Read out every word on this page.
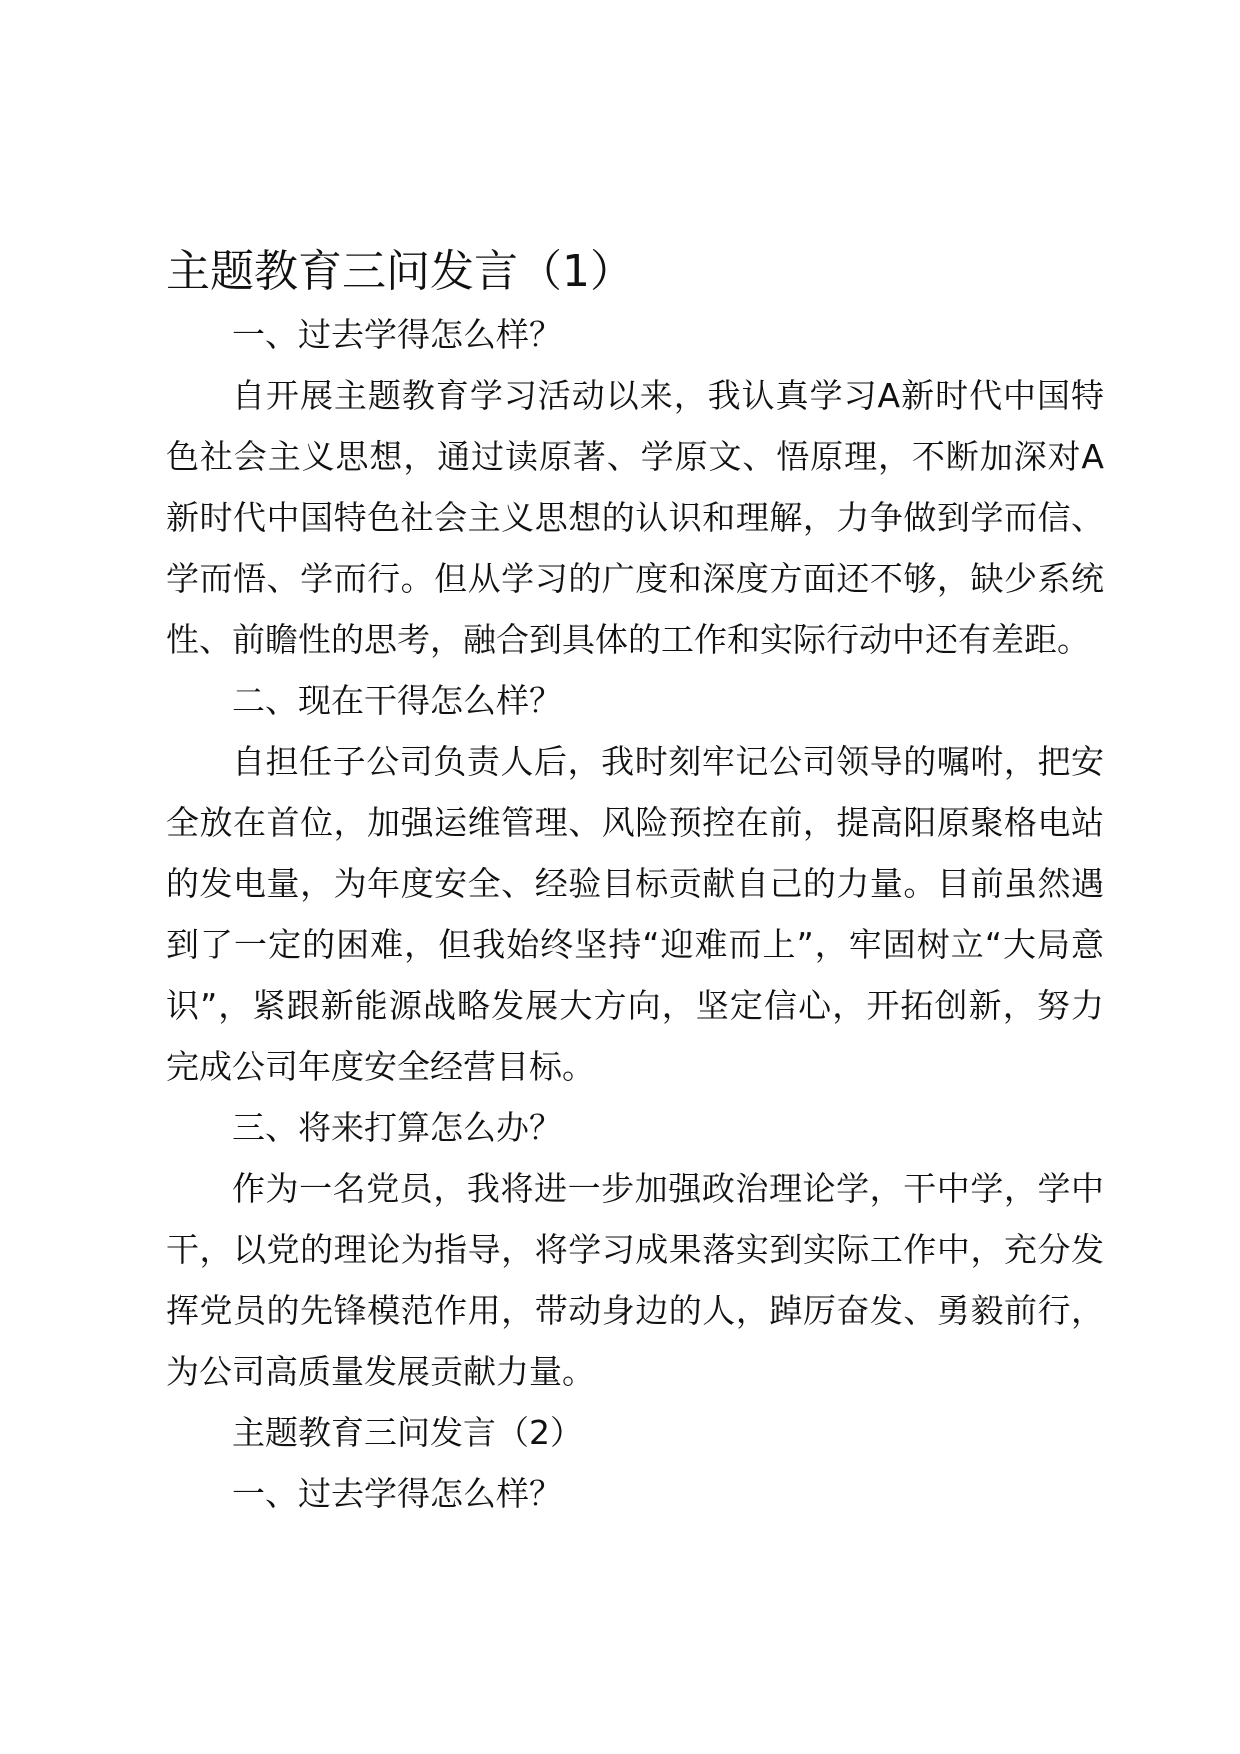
主题教育三问发言（1）

一、过去学得怎么样？

自开展主题教育学习活动以来，我认真学习A新时代中国特色社会主义思想，通过读原著、学原文、悟原理，不断加深对A新时代中国特色社会主义思想的认识和理解，力争做到学而信、学而悟、学而行。但从学习的广度和深度方面还不够，缺少系统性、前瞻性的思考，融合到具体的工作和实际行动中还有差距。

二、现在干得怎么样？

自担任子公司负责人后，我时刻牢记公司领导的嘱咐，把安全放在首位，加强运维管理、风险预控在前，提高阳原聚格电站的发电量，为年度安全、经验目标贡献自己的力量。目前虽然遇到了一定的困难，但我始终坚持“迎难而上”，牢固树立“大局意识”，紧跟新能源战略发展大方向，坚定信心，开拓创新，努力完成公司年度安全经营目标。

三、将来打算怎么办？

作为一名党员，我将进一步加强政治理论学，干中学，学中干，以党的理论为指导，将学习成果落实到实际工作中，充分发挥党员的先锋模范作用，带动身边的人，踔厉奋发、勇毅前行，为公司高质量发展贡献力量。

主题教育三问发言（2）

一、过去学得怎么样？
